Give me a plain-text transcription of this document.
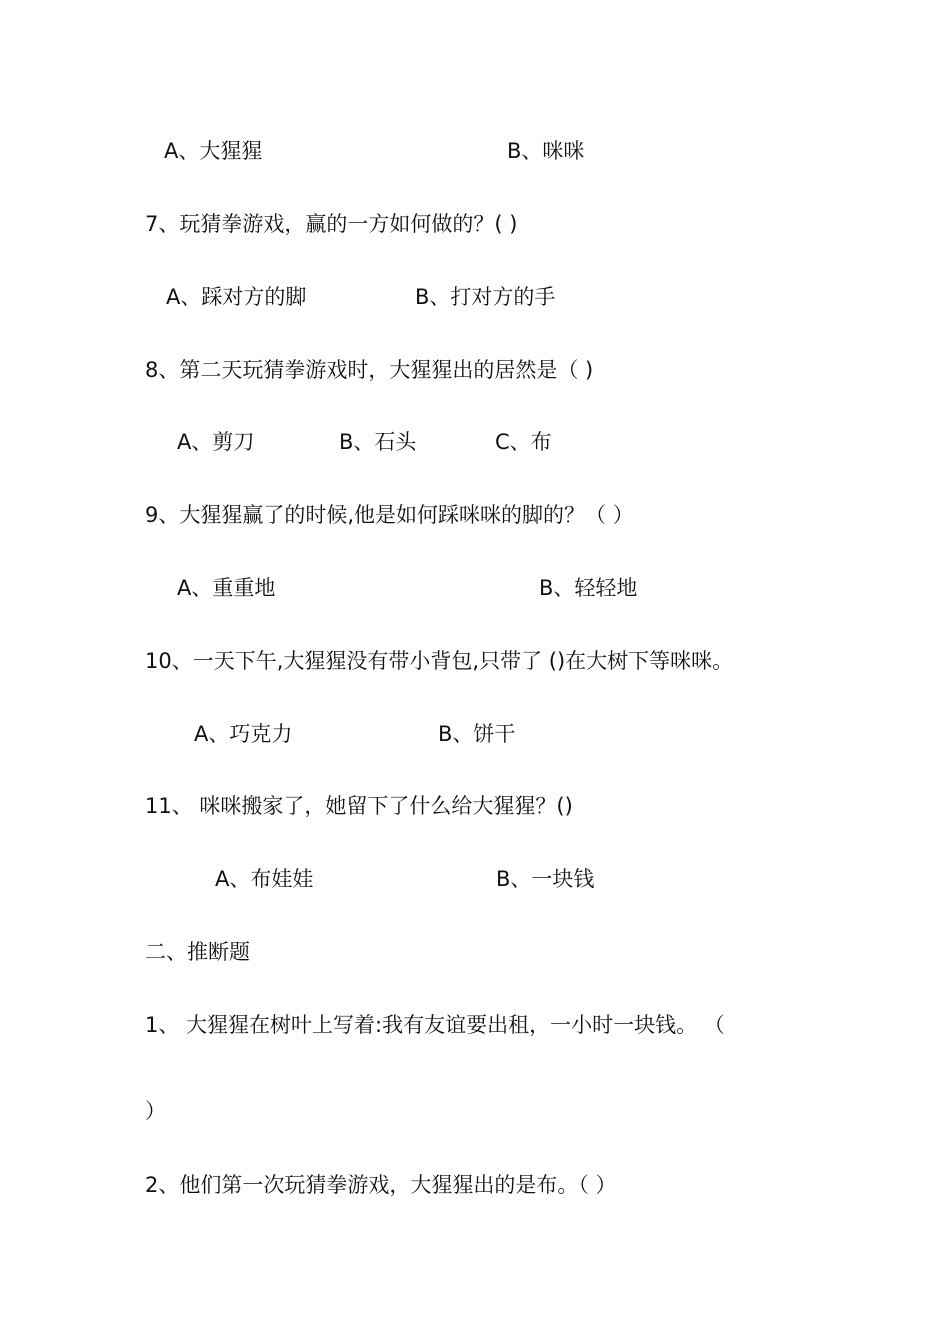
A、大猩猩	B、咪咪
7、玩猜拳游戏，赢的一方如何做的？( )
A、踩对方的脚	B、打对方的手
8、第二天玩猜拳游戏时，大猩猩出的居然是（ )
A、剪刀	B、石头	C、布
9、大猩猩赢了的时候,他是如何踩咪咪的脚的？（ ）
A、重重地	B、轻轻地
10、一天下午,大猩猩没有带小背包,只带了 ()在大树下等咪咪。
A、巧克力	B、饼干
11、 咪咪搬家了，她留下了什么给大猩猩？()
A、布娃娃	B、一块钱
二、推断题
1、 大猩猩在树叶上写着:我有友谊要出租，一小时一块钱。 （
）
2、他们第一次玩猜拳游戏，大猩猩出的是布。（ ）
